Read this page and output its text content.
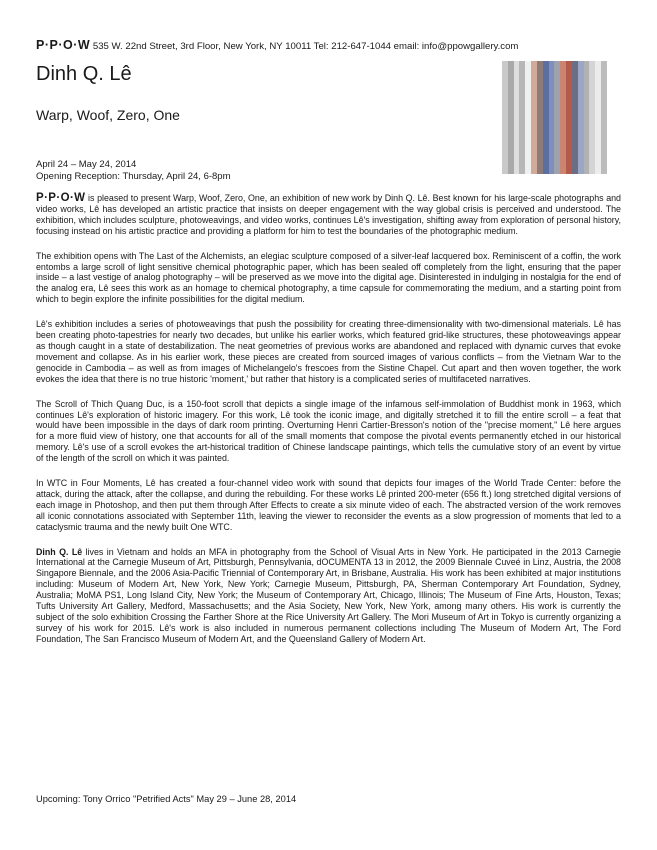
P·P·O·W 535 W. 22nd Street, 3rd Floor, New York, NY 10011 Tel: 212-647-1044 email: info@ppowgallery.com
Dinh Q. Lê
Warp, Woof, Zero, One
April 24 – May 24, 2014
Opening Reception: Thursday, April 24, 6-8pm

P·P·O·W is pleased to present Warp, Woof, Zero, One, an exhibition of new work by Dinh Q. Lê. Best known for his large-scale photographs and video works, Lê has developed an artistic practice that insists on deeper engagement with the way global crisis is perceived and understood. The exhibition, which includes sculpture, photoweavings, and video works, continues Lê's investigation, shifting away from exploration of personal history, focusing instead on his artistic practice and providing a platform for him to test the boundaries of the photographic medium.

The exhibition opens with The Last of the Alchemists, an elegiac sculpture composed of a silver-leaf lacquered box. Reminiscent of a coffin, the work entombs a large scroll of light sensitive chemical photographic paper, which has been sealed off completely from the light, ensuring that the paper inside – a last vestige of analog photography – will be preserved as we move into the digital age. Disinterested in indulging in nostalgia for the end of the analog era, Lê sees this work as an homage to chemical photography, a time capsule for commemorating the medium, and a starting point from which to begin explore the infinite possibilities for the digital medium.

Lê's exhibition includes a series of photoweavings that push the possibility for creating three-dimensionality with two-dimensional materials. Lê has been creating photo-tapestries for nearly two decades, but unlike his earlier works, which featured grid-like structures, these photoweavings appear as though caught in a state of destabilization. The neat geometries of previous works are abandoned and replaced with dynamic curves that evoke movement and collapse. As in his earlier work, these pieces are created from sourced images of various conflicts – from the Vietnam War to the genocide in Cambodia – as well as from images of Michelangelo's frescoes from the Sistine Chapel. Cut apart and then woven together, the work evokes the idea that there is no true historic 'moment,' but rather that history is a complicated series of multifaceted narratives.

The Scroll of Thich Quang Duc, is a 150-foot scroll that depicts a single image of the infamous self-immolation of Buddhist monk in 1963, which continues Lê's exploration of historic imagery. For this work, Lê took the iconic image, and digitally stretched it to fill the entire scroll – a feat that would have been impossible in the days of dark room printing. Overturning Henri Cartier-Bresson's notion of the "precise moment," Lê here argues for a more fluid view of history, one that accounts for all of the small moments that compose the pivotal events permanently etched in our historical memory. Lê's use of a scroll evokes the art-historical tradition of Chinese landscape paintings, which tells the cumulative story of an event by virtue of the length of the scroll on which it was painted.

In WTC in Four Moments, Lê has created a four-channel video work with sound that depicts four images of the World Trade Center: before the attack, during the attack, after the collapse, and during the rebuilding. For these works Lê printed 200-meter (656 ft.) long stretched digital versions of each image in Photoshop, and then put them through After Effects to create a six minute video of each. The abstracted version of the work removes all iconic connotations associated with September 11th, leaving the viewer to reconsider the events as a slow progression of moments that led to a cataclysmic trauma and the newly built One WTC.

Dinh Q. Lê lives in Vietnam and holds an MFA in photography from the School of Visual Arts in New York. He participated in the 2013 Carnegie International at the Carnegie Museum of Art, Pittsburgh, Pennsylvania, dOCUMENTA 13 in 2012, the 2009 Biennale Cuveé in Linz, Austria, the 2008 Singapore Biennale, and the 2006 Asia-Pacific Triennial of Contemporary Art, in Brisbane, Australia. His work has been exhibited at major institutions including: Museum of Modern Art, New York, New York; Carnegie Museum, Pittsburgh, PA, Sherman Contemporary Art Foundation, Sydney, Australia; MoMA PS1, Long Island City, New York; the Museum of Contemporary Art, Chicago, Illinois; The Museum of Fine Arts, Houston, Texas; Tufts University Art Gallery, Medford, Massachusetts; and the Asia Society, New York, New York, among many others. His work is currently the subject of the solo exhibition Crossing the Farther Shore at the Rice University Art Gallery. The Mori Museum of Art in Tokyo is currently organizing a survey of his work for 2015. Lê's work is also included in numerous permanent collections including The Museum of Modern Art, The Ford Foundation, The San Francisco Museum of Modern Art, and the Queensland Gallery of Modern Art.

Upcoming: Tony Orrico "Petrified Acts" May 29 – June 28, 2014
